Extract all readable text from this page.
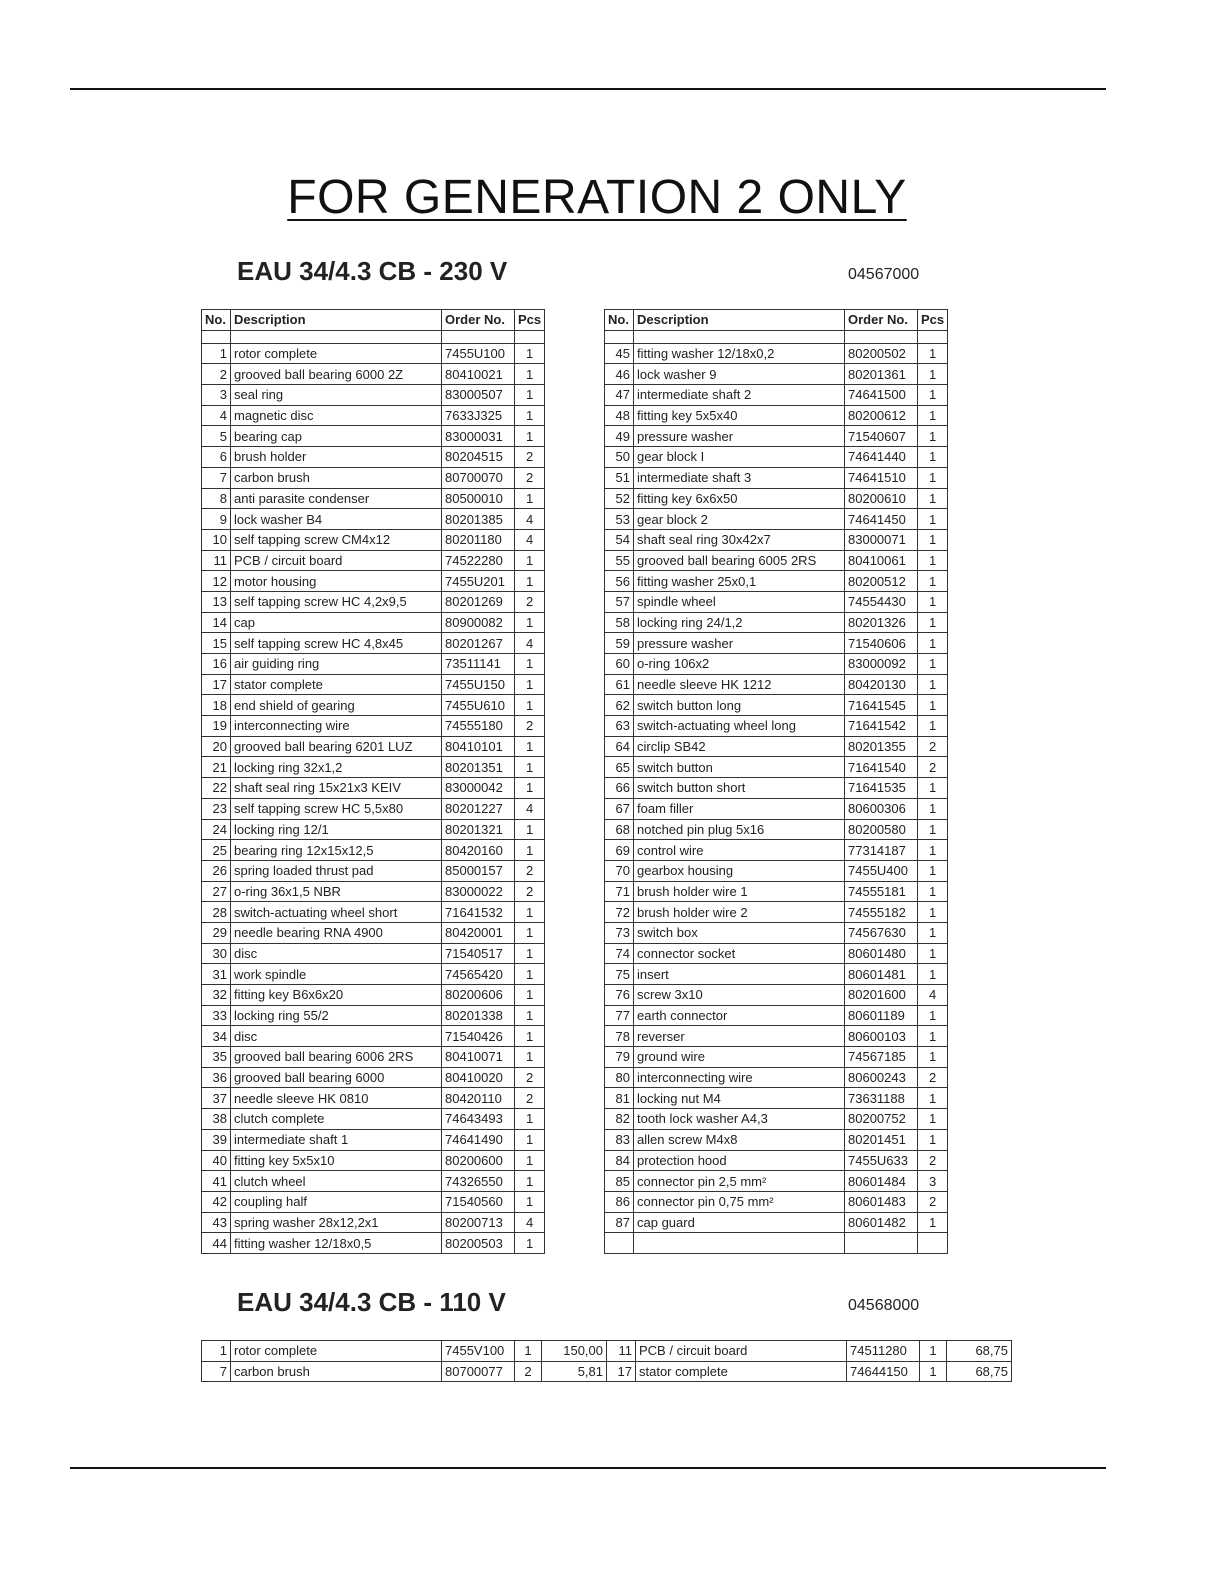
FOR GENERATION 2 ONLY
EAU 34/4.3 CB - 230 V	04567000
No.	Description	Order No.	Pcs

1	rotor complete	7455U100	1
2	grooved ball bearing 6000 2Z	80410021	1
3	seal ring	83000507	1
4	magnetic disc	7633J325	1
5	bearing cap	83000031	1
6	brush holder	80204515	2
7	carbon brush	80700070	2
8	anti parasite condenser	80500010	1
9	lock washer B4	80201385	4
10	self tapping screw CM4x12	80201180	4
11	PCB / circuit board	74522280	1
12	motor housing	7455U201	1
13	self tapping screw HC 4,2x9,5	80201269	2
14	cap	80900082	1
15	self tapping screw HC 4,8x45	80201267	4
16	air guiding ring	73511141	1
17	stator complete	7455U150	1
18	end shield of gearing	7455U610	1
19	interconnecting wire	74555180	2
20	grooved ball bearing 6201 LUZ	80410101	1
21	locking ring 32x1,2	80201351	1
22	shaft seal ring 15x21x3 KEIV	83000042	1
23	self tapping screw HC 5,5x80	80201227	4
24	locking ring 12/1	80201321	1
25	bearing ring 12x15x12,5	80420160	1
26	spring loaded thrust pad	85000157	2
27	o-ring 36x1,5 NBR	83000022	2
28	switch-actuating wheel short	71641532	1
29	needle bearing RNA 4900	80420001	1
30	disc	71540517	1
31	work spindle	74565420	1
32	fitting key B6x6x20	80200606	1
33	locking ring 55/2	80201338	1
34	disc	71540426	1
35	grooved ball bearing 6006 2RS	80410071	1
36	grooved ball bearing 6000	80410020	2
37	needle sleeve HK 0810	80420110	2
38	clutch complete	74643493	1
39	intermediate shaft 1	74641490	1
40	fitting key 5x5x10	80200600	1
41	clutch wheel	74326550	1
42	coupling half	71540560	1
43	spring washer 28x12,2x1	80200713	4
44	fitting washer 12/18x0,5	80200503	1
No.	Description	Order No.	Pcs

45	fitting washer 12/18x0,2	80200502	1
46	lock washer 9	80201361	1
47	intermediate shaft 2	74641500	1
48	fitting key 5x5x40	80200612	1
49	pressure washer	71540607	1
50	gear block I	74641440	1
51	intermediate shaft 3	74641510	1
52	fitting key 6x6x50	80200610	1
53	gear block 2	74641450	1
54	shaft seal ring 30x42x7	83000071	1
55	grooved ball bearing 6005 2RS	80410061	1
56	fitting washer 25x0,1	80200512	1
57	spindle wheel	74554430	1
58	locking ring 24/1,2	80201326	1
59	pressure washer	71540606	1
60	o-ring 106x2	83000092	1
61	needle sleeve HK 1212	80420130	1
62	switch button long	71641545	1
63	switch-actuating wheel long	71641542	1
64	circlip SB42	80201355	2
65	switch button	71641540	2
66	switch button short	71641535	1
67	foam filler	80600306	1
68	notched pin plug 5x16	80200580	1
69	control wire	77314187	1
70	gearbox housing	7455U400	1
71	brush holder wire 1	74555181	1
72	brush holder wire 2	74555182	1
73	switch box	74567630	1
74	connector socket	80601480	1
75	insert	80601481	1
76	screw 3x10	80201600	4
77	earth connector	80601189	1
78	reverser	80600103	1
79	ground wire	74567185	1
80	interconnecting wire	80600243	2
81	locking nut M4	73631188	1
82	tooth lock washer A4,3	80200752	1
83	allen screw M4x8	80201451	1
84	protection hood	7455U633	2
85	connector pin 2,5 mm²	80601484	3
86	connector pin 0,75 mm²	80601483	2
87	cap guard	80601482	1

EAU 34/4.3 CB - 110 V	04568000
1	rotor complete	7455V100	1	150,00	11	PCB / circuit board	74511280	1	68,75
7	carbon brush	80700077	2	5,81	17	stator complete	74644150	1	68,75
